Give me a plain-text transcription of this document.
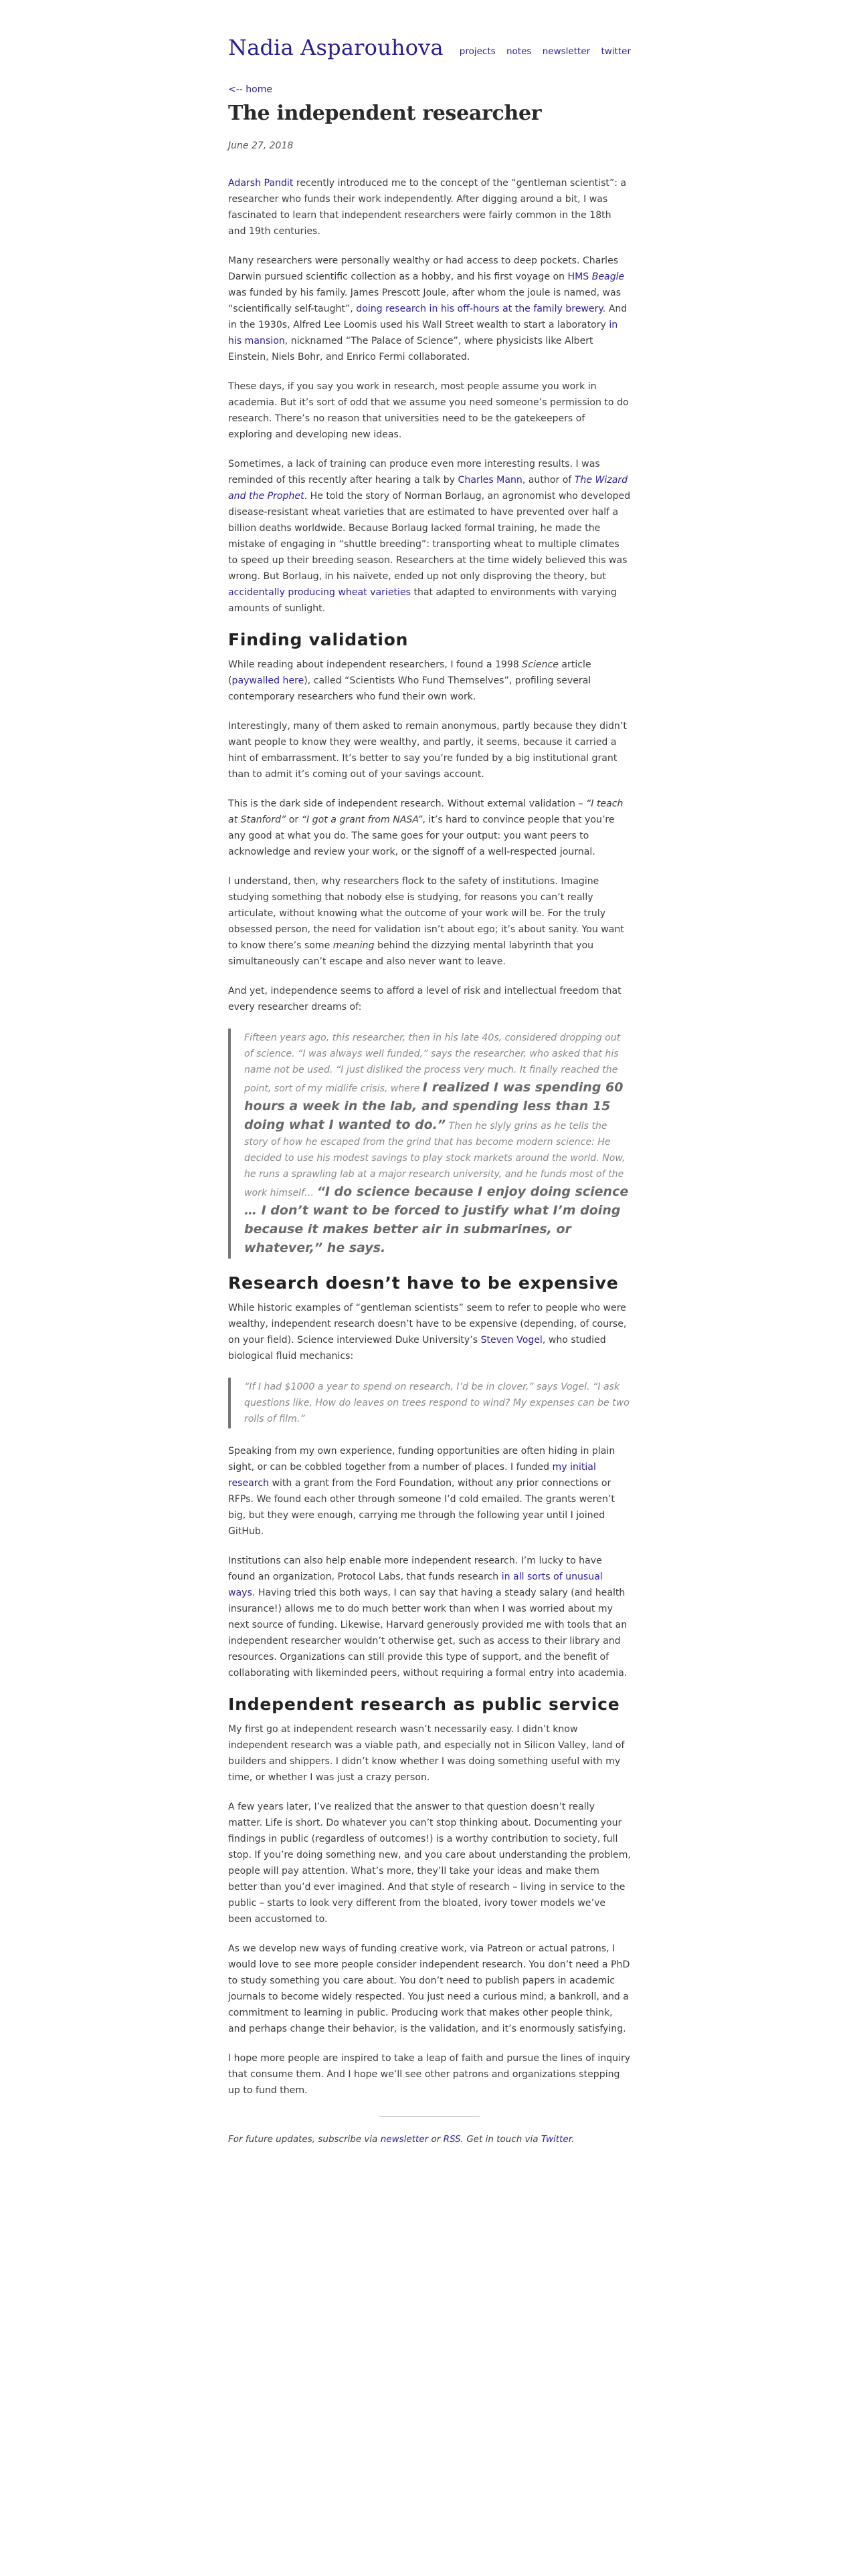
Nadia Asparouhova	projects notes newsletter twitter
<-- home
The independent researcher
June 27, 2018

Adarsh Pandit recently introduced me to the concept of the “gentleman scientist”: a researcher who funds their work independently. After digging around a bit, I was fascinated to learn that independent researchers were fairly common in the 18th and 19th centuries.

Many researchers were personally wealthy or had access to deep pockets. Charles Darwin pursued scientific collection as a hobby, and his first voyage on HMS Beagle was funded by his family. James Prescott Joule, after whom the joule is named, was “scientifically self-taught”, doing research in his off-hours at the family brewery. And in the 1930s, Alfred Lee Loomis used his Wall Street wealth to start a laboratory in his mansion, nicknamed “The Palace of Science”, where physicists like Albert Einstein, Niels Bohr, and Enrico Fermi collaborated.

These days, if you say you work in research, most people assume you work in academia. But it’s sort of odd that we assume you need someone’s permission to do research. There’s no reason that universities need to be the gatekeepers of exploring and developing new ideas.

Sometimes, a lack of training can produce even more interesting results. I was reminded of this recently after hearing a talk by Charles Mann, author of The Wizard and the Prophet. He told the story of Norman Borlaug, an agronomist who developed disease-resistant wheat varieties that are estimated to have prevented over half a billion deaths worldwide. Because Borlaug lacked formal training, he made the mistake of engaging in “shuttle breeding”: transporting wheat to multiple climates to speed up their breeding season. Researchers at the time widely believed this was wrong. But Borlaug, in his naïvete, ended up not only disproving the theory, but accidentally producing wheat varieties that adapted to environments with varying amounts of sunlight.

Finding validation

While reading about independent researchers, I found a 1998 Science article (paywalled here), called “Scientists Who Fund Themselves”, profiling several contemporary researchers who fund their own work.

Interestingly, many of them asked to remain anonymous, partly because they didn’t want people to know they were wealthy, and partly, it seems, because it carried a hint of embarrassment. It’s better to say you’re funded by a big institutional grant than to admit it’s coming out of your savings account.

This is the dark side of independent research. Without external validation – “I teach at Stanford” or “I got a grant from NASA”, it’s hard to convince people that you’re any good at what you do. The same goes for your output: you want peers to acknowledge and review your work, or the signoff of a well-respected journal.

I understand, then, why researchers flock to the safety of institutions. Imagine studying something that nobody else is studying, for reasons you can’t really articulate, without knowing what the outcome of your work will be. For the truly obsessed person, the need for validation isn’t about ego; it’s about sanity. You want to know there’s some meaning behind the dizzying mental labyrinth that you simultaneously can’t escape and also never want to leave.

And yet, independence seems to afford a level of risk and intellectual freedom that every researcher dreams of:

Fifteen years ago, this researcher, then in his late 40s, considered dropping out of science. “I was always well funded,” says the researcher, who asked that his name not be used. “I just disliked the process very much. It finally reached the point, sort of my midlife crisis, where I realized I was spending 60 hours a week in the lab, and spending less than 15 doing what I wanted to do.” Then he slyly grins as he tells the story of how he escaped from the grind that has become modern science: He decided to use his modest savings to play stock markets around the world. Now, he runs a sprawling lab at a major research university, and he funds most of the work himself… “I do science because I enjoy doing science … I don’t want to be forced to justify what I’m doing because it makes better air in submarines, or whatever,” he says.

Research doesn’t have to be expensive

While historic examples of “gentleman scientists” seem to refer to people who were wealthy, independent research doesn’t have to be expensive (depending, of course, on your field). Science interviewed Duke University’s Steven Vogel, who studied biological fluid mechanics:

“If I had $1000 a year to spend on research, I’d be in clover,” says Vogel. “I ask questions like, How do leaves on trees respond to wind? My expenses can be two rolls of film.”

Speaking from my own experience, funding opportunities are often hiding in plain sight, or can be cobbled together from a number of places. I funded my initial research with a grant from the Ford Foundation, without any prior connections or RFPs. We found each other through someone I’d cold emailed. The grants weren’t big, but they were enough, carrying me through the following year until I joined GitHub.

Institutions can also help enable more independent research. I’m lucky to have found an organization, Protocol Labs, that funds research in all sorts of unusual ways. Having tried this both ways, I can say that having a steady salary (and health insurance!) allows me to do much better work than when I was worried about my next source of funding. Likewise, Harvard generously provided me with tools that an independent researcher wouldn’t otherwise get, such as access to their library and resources. Organizations can still provide this type of support, and the benefit of collaborating with likeminded peers, without requiring a formal entry into academia.

Independent research as public service

My first go at independent research wasn’t necessarily easy. I didn’t know independent research was a viable path, and especially not in Silicon Valley, land of builders and shippers. I didn’t know whether I was doing something useful with my time, or whether I was just a crazy person.

A few years later, I’ve realized that the answer to that question doesn’t really matter. Life is short. Do whatever you can’t stop thinking about. Documenting your findings in public (regardless of outcomes!) is a worthy contribution to society, full stop. If you’re doing something new, and you care about understanding the problem, people will pay attention. What’s more, they’ll take your ideas and make them better than you’d ever imagined. And that style of research – living in service to the public – starts to look very different from the bloated, ivory tower models we’ve been accustomed to.

As we develop new ways of funding creative work, via Patreon or actual patrons, I would love to see more people consider independent research. You don’t need a PhD to study something you care about. You don’t need to publish papers in academic journals to become widely respected. You just need a curious mind, a bankroll, and a commitment to learning in public. Producing work that makes other people think, and perhaps change their behavior, is the validation, and it’s enormously satisfying.

I hope more people are inspired to take a leap of faith and pursue the lines of inquiry that consume them. And I hope we’ll see other patrons and organizations stepping up to fund them.

For future updates, subscribe via newsletter or RSS. Get in touch via Twitter.
